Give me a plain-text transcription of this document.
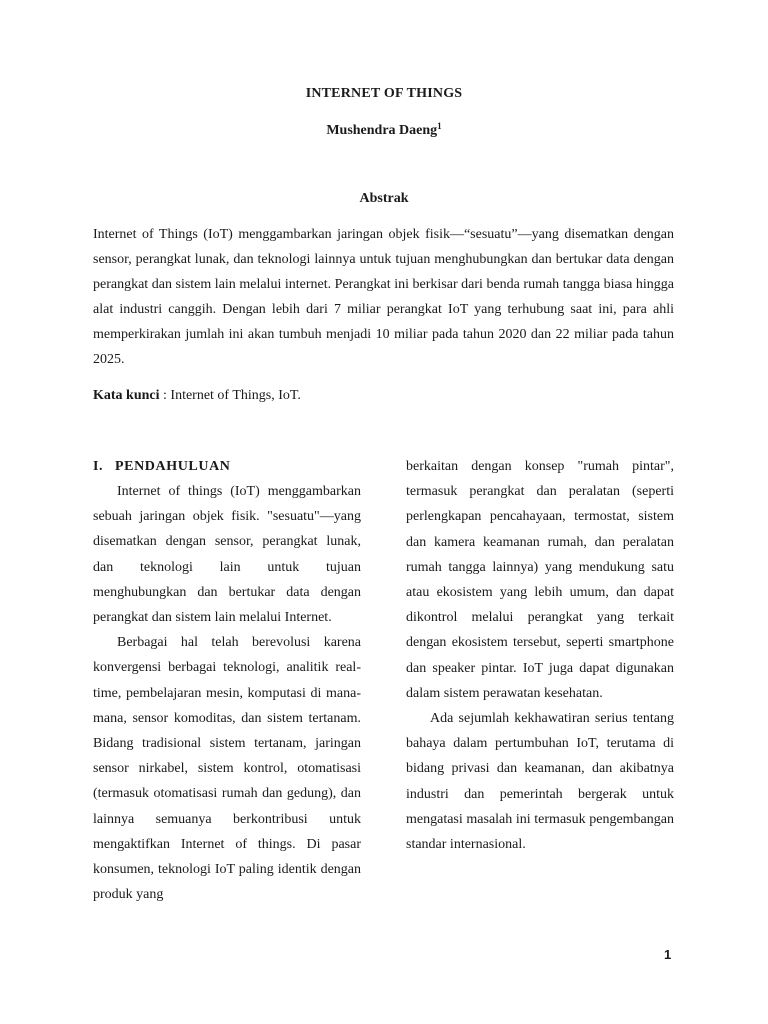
INTERNET OF THINGS
Mushendra Daeng$^1$
Abstrak

Internet of Things (IoT) menggambarkan jaringan objek fisik—“sesuatu”—yang disematkan dengan sensor, perangkat lunak, dan teknologi lainnya untuk tujuan menghubungkan dan bertukar data dengan perangkat dan sistem lain melalui internet. Perangkat ini berkisar dari benda rumah tangga biasa hingga alat industri canggih. Dengan lebih dari 7 miliar perangkat IoT yang terhubung saat ini, para ahli memperkirakan jumlah ini akan tumbuh menjadi 10 miliar pada tahun 2020 dan 22 miliar pada tahun 2025.

Kata kunci : Internet of Things, IoT.

I. PENDAHULUAN

Internet of things (IoT) menggambarkan sebuah jaringan objek fisik. "sesuatu"—yang disematkan dengan sensor, perangkat lunak, dan teknologi lain untuk tujuan menghubungkan dan bertukar data dengan perangkat dan sistem lain melalui Internet.

Berbagai hal telah berevolusi karena konvergensi berbagai teknologi, analitik real-time, pembelajaran mesin, komputasi di mana-mana, sensor komoditas, dan sistem tertanam. Bidang tradisional sistem tertanam, jaringan sensor nirkabel, sistem kontrol, otomatisasi (termasuk otomatisasi rumah dan gedung), dan lainnya semuanya berkontribusi untuk mengaktifkan Internet of things. Di pasar konsumen, teknologi IoT paling identik dengan produk yang

berkaitan dengan konsep "rumah pintar", termasuk perangkat dan peralatan (seperti perlengkapan pencahayaan, termostat, sistem dan kamera keamanan rumah, dan peralatan rumah tangga lainnya) yang mendukung satu atau ekosistem yang lebih umum, dan dapat dikontrol melalui perangkat yang terkait dengan ekosistem tersebut, seperti smartphone dan speaker pintar. IoT juga dapat digunakan dalam sistem perawatan kesehatan.

Ada sejumlah kekhawatiran serius tentang bahaya dalam pertumbuhan IoT, terutama di bidang privasi dan keamanan, dan akibatnya industri dan pemerintah bergerak untuk mengatasi masalah ini termasuk pengembangan standar internasional.

1
